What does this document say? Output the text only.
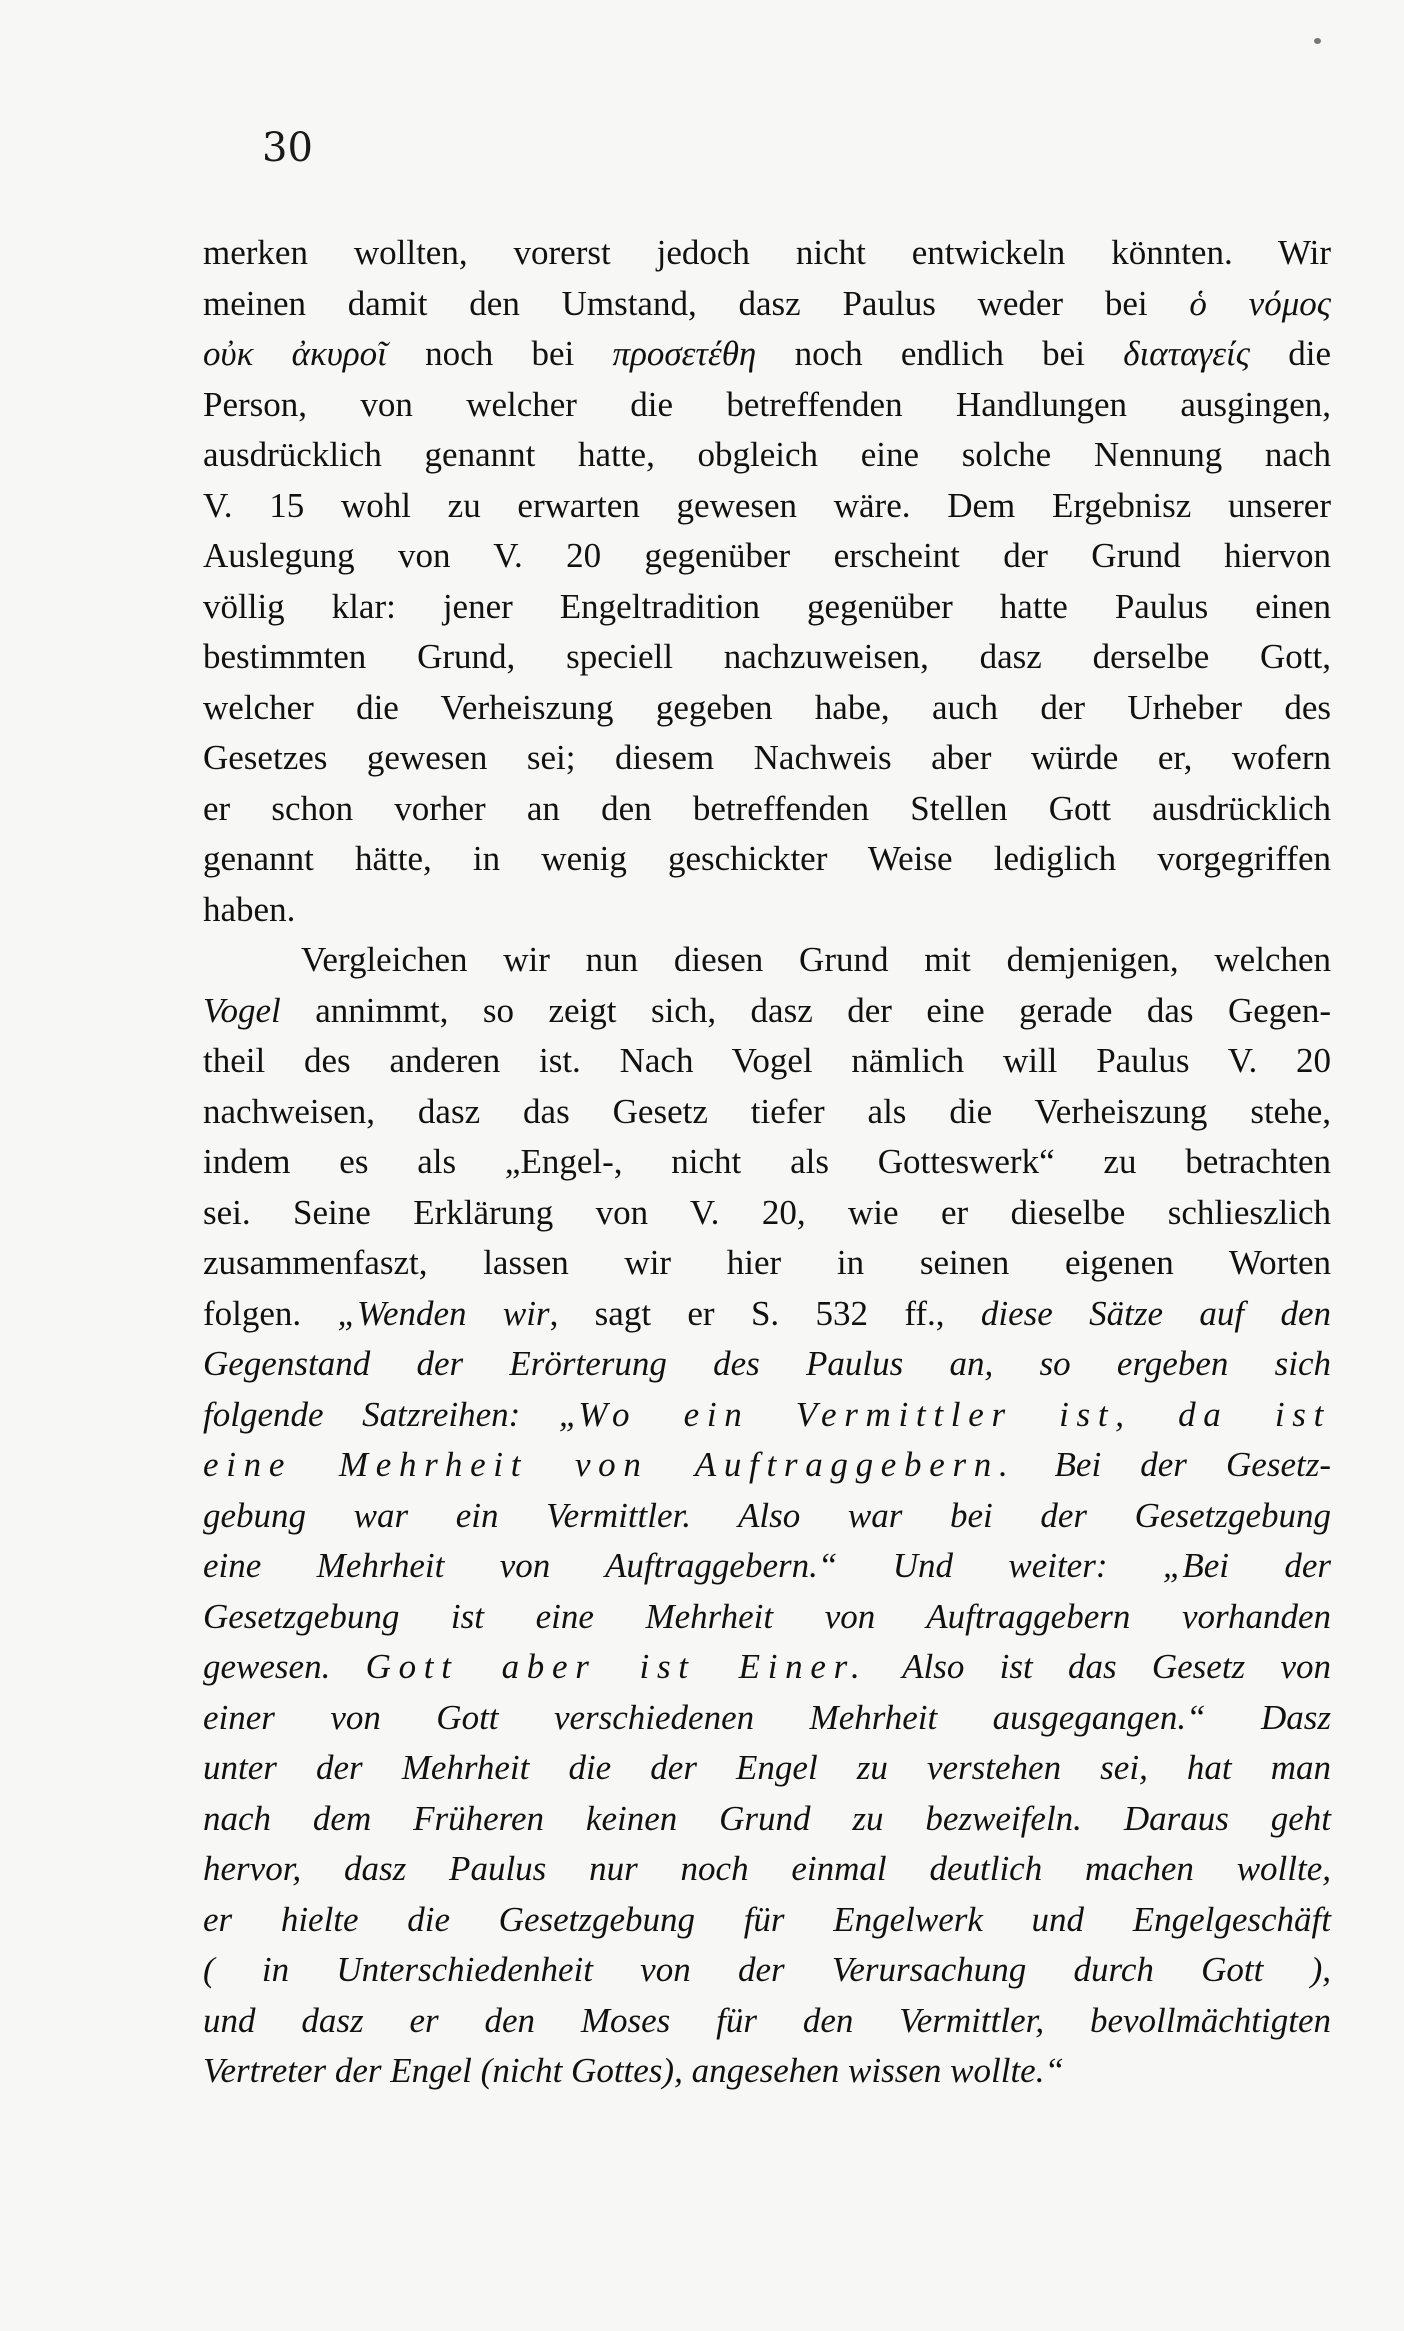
30
merken wollten, vorerst jedoch nicht entwickeln könnten. Wir
meinen damit den Umstand, dasz Paulus weder bei ὁ νόμος
οὐκ ἀκυροῖ noch bei προσετέθη noch endlich bei διαταγείς die
Person, von welcher die betreffenden Handlungen ausgingen,
ausdrücklich genannt hatte, obgleich eine solche Nennung nach
V. 15 wohl zu erwarten gewesen wäre. Dem Ergebnisz unserer
Auslegung von V. 20 gegenüber erscheint der Grund hiervon
völlig klar: jener Engeltradition gegenüber hatte Paulus einen
bestimmten Grund, speciell nachzuweisen, dasz derselbe Gott,
welcher die Verheiszung gegeben habe, auch der Urheber des
Gesetzes gewesen sei; diesem Nachweis aber würde er, wofern
er schon vorher an den betreffenden Stellen Gott ausdrücklich
genannt hätte, in wenig geschickter Weise lediglich vorgegriffen
haben.
Vergleichen wir nun diesen Grund mit demjenigen, welchen
Vogel annimmt, so zeigt sich, dasz der eine gerade das Gegen-
theil des anderen ist. Nach Vogel nämlich will Paulus V. 20
nachweisen, dasz das Gesetz tiefer als die Verheiszung stehe,
indem es als „Engel-, nicht als Gotteswerk“ zu betrachten
sei. Seine Erklärung von V. 20, wie er dieselbe schlieszlich
zusammenfaszt, lassen wir hier in seinen eigenen Worten
folgen. „Wenden wir, sagt er S. 532 ff., diese Sätze auf den
Gegenstand der Erörterung des Paulus an, so ergeben sich
folgende Satzreihen: „Wo ein Vermittler ist, da ist
eine Mehrheit von Auftraggebern. Bei der Gesetz-
gebung war ein Vermittler. Also war bei der Gesetzgebung
eine Mehrheit von Auftraggebern.“ Und weiter: „Bei der
Gesetzgebung ist eine Mehrheit von Auftraggebern vorhanden
gewesen. Gott aber ist Einer. Also ist das Gesetz von
einer von Gott verschiedenen Mehrheit ausgegangen.“ Dasz
unter der Mehrheit die der Engel zu verstehen sei, hat man
nach dem Früheren keinen Grund zu bezweifeln. Daraus geht
hervor, dasz Paulus nur noch einmal deutlich machen wollte,
er hielte die Gesetzgebung für Engelwerk und Engelgeschäft
( in Unterschiedenheit von der Verursachung durch Gott ),
und dasz er den Moses für den Vermittler, bevollmächtigten
Vertreter der Engel (nicht Gottes), angesehen wissen wollte.“
